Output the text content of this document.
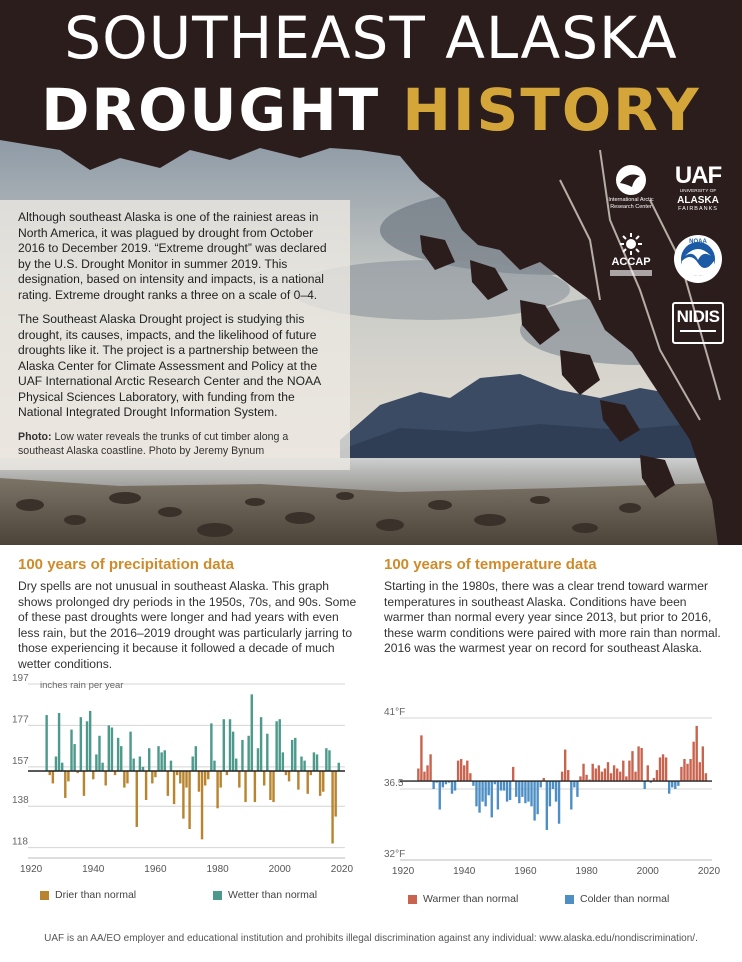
SOUTHEAST ALASKA
DROUGHT HISTORY

Although southeast Alaska is one of the rainiest areas in North America, it was plagued by drought from October 2016 to December 2019. “Extreme drought” was declared by the U.S. Drought Monitor in summer 2019. This designation, based on intensity and impacts, is a national rating. Extreme drought ranks a three on a scale of 0–4.

The Southeast Alaska Drought project is studying this drought, its causes, impacts, and the likelihood of future droughts like it. The project is a partnership between the Alaska Center for Climate Assessment and Policy at the UAF International Arctic Research Center and the NOAA Physical Sciences Laboratory, with funding from the National Integrated Drought Information System.

Photo: Low water reveals the trunks of cut timber along a southeast Alaska coastline. Photo by Jeremy Bynum

International Arctic
Research Center
UAF
UNIVERSITY OF
ALASKA
FAIRBANKS
ACCAP
NOAA
NIDIS
100 years of precipitation data
Dry spells are not unusual in southeast Alaska. This graph shows prolonged dry periods in the 1950s, 70s, and 90s. Some of these past droughts were longer and had years with even less rain, but the 2016–2019 drought was particularly jarring to those experiencing it because it followed a decade of much wetter conditions.
197
177
157
138
118
1920	1940	1960	1980	2000	2020
inches rain per year
Drier than normal	Wetter than normal
100 years of temperature data
Starting in the 1980s, there was a clear trend toward warmer temperatures in southeast Alaska. Conditions have been warmer than normal every year since 2013, but prior to 2016, these warm conditions were paired with more rain than normal. 2016 was the warmest year on record for southeast Alaska.
41°F
36.5
32°F
1920	1940	1960	1980	2000	2020
Warmer than normal	Colder than normal
UAF is an AA/EO employer and educational institution and prohibits illegal discrimination against any individual: www.alaska.edu/nondiscrimination/.
